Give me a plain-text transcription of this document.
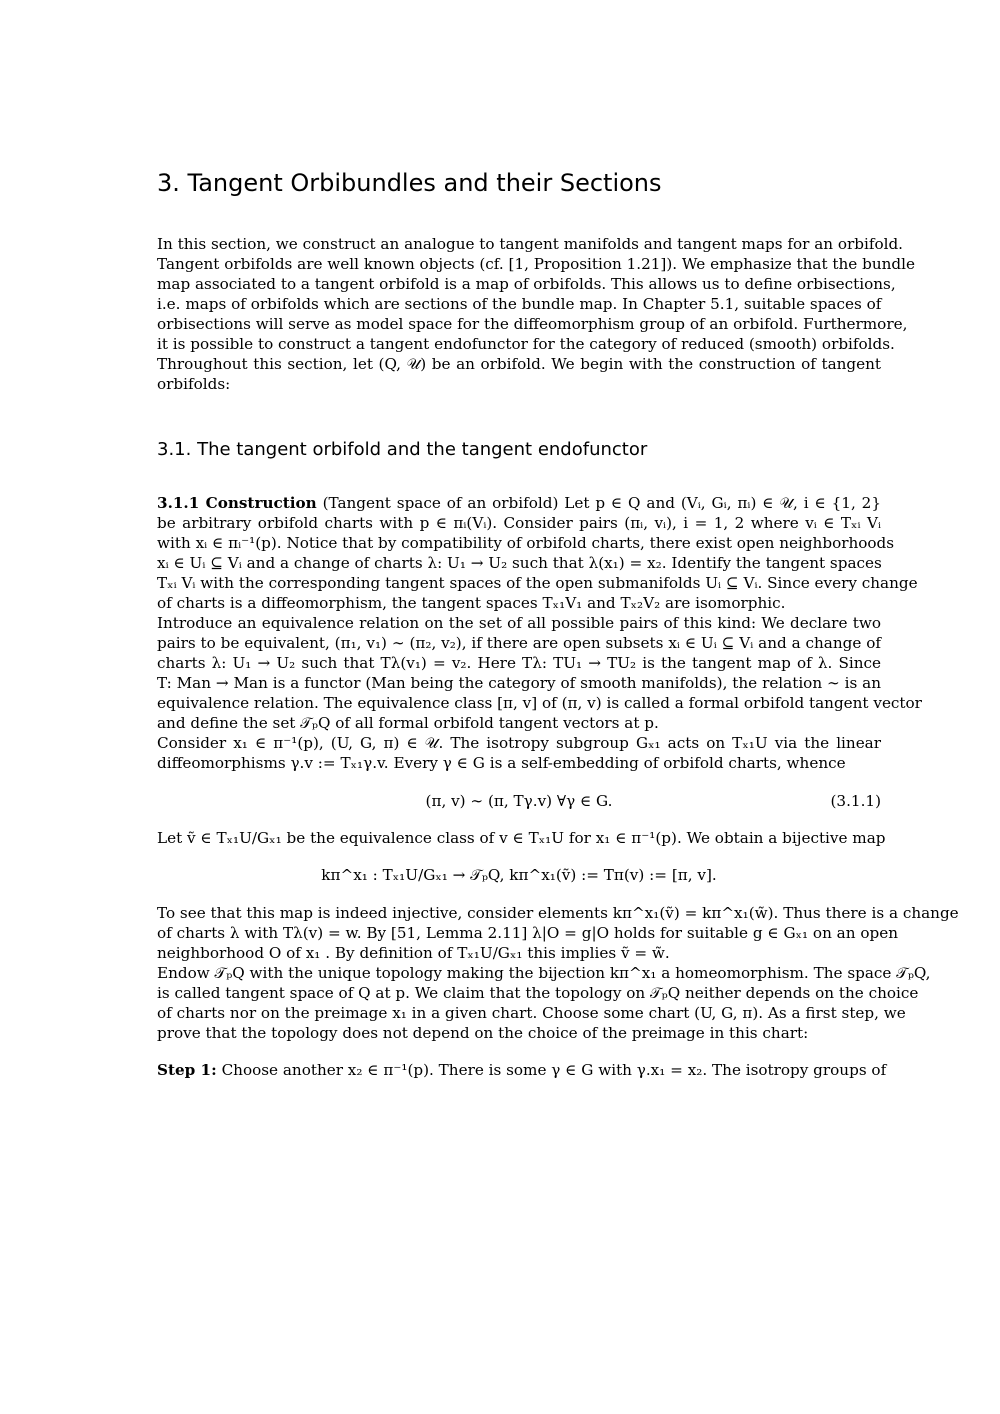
3. Tangent Orbibundles and their Sections
In this section, we construct an analogue to tangent manifolds and tangent maps for an orbifold.
Tangent orbifolds are well known objects (cf. [1, Proposition 1.21]). We emphasize that the bundle
map associated to a tangent orbifold is a map of orbifolds. This allows us to define orbisections,
i.e. maps of orbifolds which are sections of the bundle map. In Chapter 5.1, suitable spaces of
orbisections will serve as model space for the diffeomorphism group of an orbifold. Furthermore,
it is possible to construct a tangent endofunctor for the category of reduced (smooth) orbifolds.
Throughout this section, let (Q, 𝒰) be an orbifold. We begin with the construction of tangent
orbifolds:
3.1. The tangent orbifold and the tangent endofunctor
3.1.1 Construction (Tangent space of an orbifold) Let p ∈ Q and (Vᵢ, Gᵢ, πᵢ) ∈ 𝒰, i ∈ {1, 2}
be arbitrary orbifold charts with p ∈ πᵢ(Vᵢ). Consider pairs (πᵢ, vᵢ), i = 1, 2 where vᵢ ∈ Tₓᵢ Vᵢ
with xᵢ ∈ πᵢ⁻¹(p). Notice that by compatibility of orbifold charts, there exist open neighborhoods
xᵢ ∈ Uᵢ ⊆ Vᵢ and a change of charts λ: U₁ → U₂ such that λ(x₁) = x₂. Identify the tangent spaces
Tₓᵢ Vᵢ with the corresponding tangent spaces of the open submanifolds Uᵢ ⊆ Vᵢ. Since every change
of charts is a diffeomorphism, the tangent spaces Tₓ₁V₁ and Tₓ₂V₂ are isomorphic.
Introduce an equivalence relation on the set of all possible pairs of this kind: We declare two
pairs to be equivalent, (π₁, v₁) ∼ (π₂, v₂), if there are open subsets xᵢ ∈ Uᵢ ⊆ Vᵢ and a change of
charts λ: U₁ → U₂ such that Tλ(v₁) = v₂. Here Tλ: TU₁ → TU₂ is the tangent map of λ. Since
T: Man → Man is a functor (Man being the category of smooth manifolds), the relation ∼ is an
equivalence relation. The equivalence class [π, v] of (π, v) is called a formal orbifold tangent vector
and define the set 𝒯ₚQ of all formal orbifold tangent vectors at p.
Consider x₁ ∈ π⁻¹(p), (U, G, π) ∈ 𝒰. The isotropy subgroup Gₓ₁ acts on Tₓ₁U via the linear
diffeomorphisms γ.v := Tₓ₁γ.v. Every γ ∈ G is a self-embedding of orbifold charts, whence
(π, v) ∼ (π, Tγ.v) ∀γ ∈ G.	(3.1.1)
Let ṽ ∈ Tₓ₁U/Gₓ₁ be the equivalence class of v ∈ Tₓ₁U for x₁ ∈ π⁻¹(p). We obtain a bijective map
kπ^x₁ : Tₓ₁U/Gₓ₁ → 𝒯ₚQ, kπ^x₁(ṽ) := Tπ(v) := [π, v].
To see that this map is indeed injective, consider elements kπ^x₁(ṽ) = kπ^x₁(w̃). Thus there is a change
of charts λ with Tλ(v) = w. By [51, Lemma 2.11] λ|O = g|O holds for suitable g ∈ Gₓ₁ on an open
neighborhood O of x₁ . By definition of Tₓ₁U/Gₓ₁ this implies ṽ = w̃.
Endow 𝒯ₚQ with the unique topology making the bijection kπ^x₁ a homeomorphism. The space 𝒯ₚQ,
is called tangent space of Q at p. We claim that the topology on 𝒯ₚQ neither depends on the choice
of charts nor on the preimage x₁ in a given chart. Choose some chart (U, G, π). As a first step, we
prove that the topology does not depend on the choice of the preimage in this chart:
Step 1: Choose another x₂ ∈ π⁻¹(p). There is some γ ∈ G with γ.x₁ = x₂. The isotropy groups of
